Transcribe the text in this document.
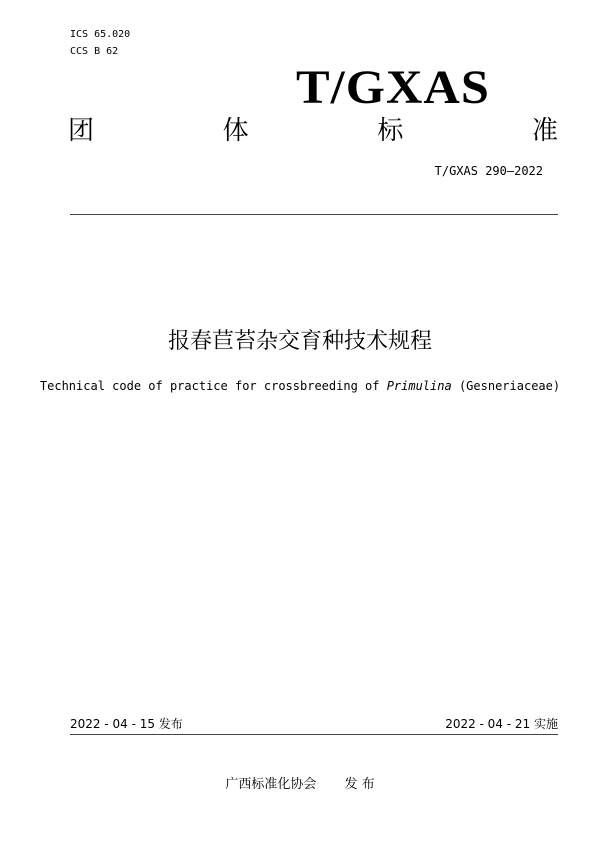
ICS 65.020
CCS B 62
T/GXAS
团	体	标	准
T/GXAS 290—2022
报春苣苔杂交育种技术规程
Technical code of practice for crossbreeding of Primulina (Gesneriaceae)
2022 - 04 - 15 发布	2022 - 04 - 21 实施
广西标准化协会 发 布
